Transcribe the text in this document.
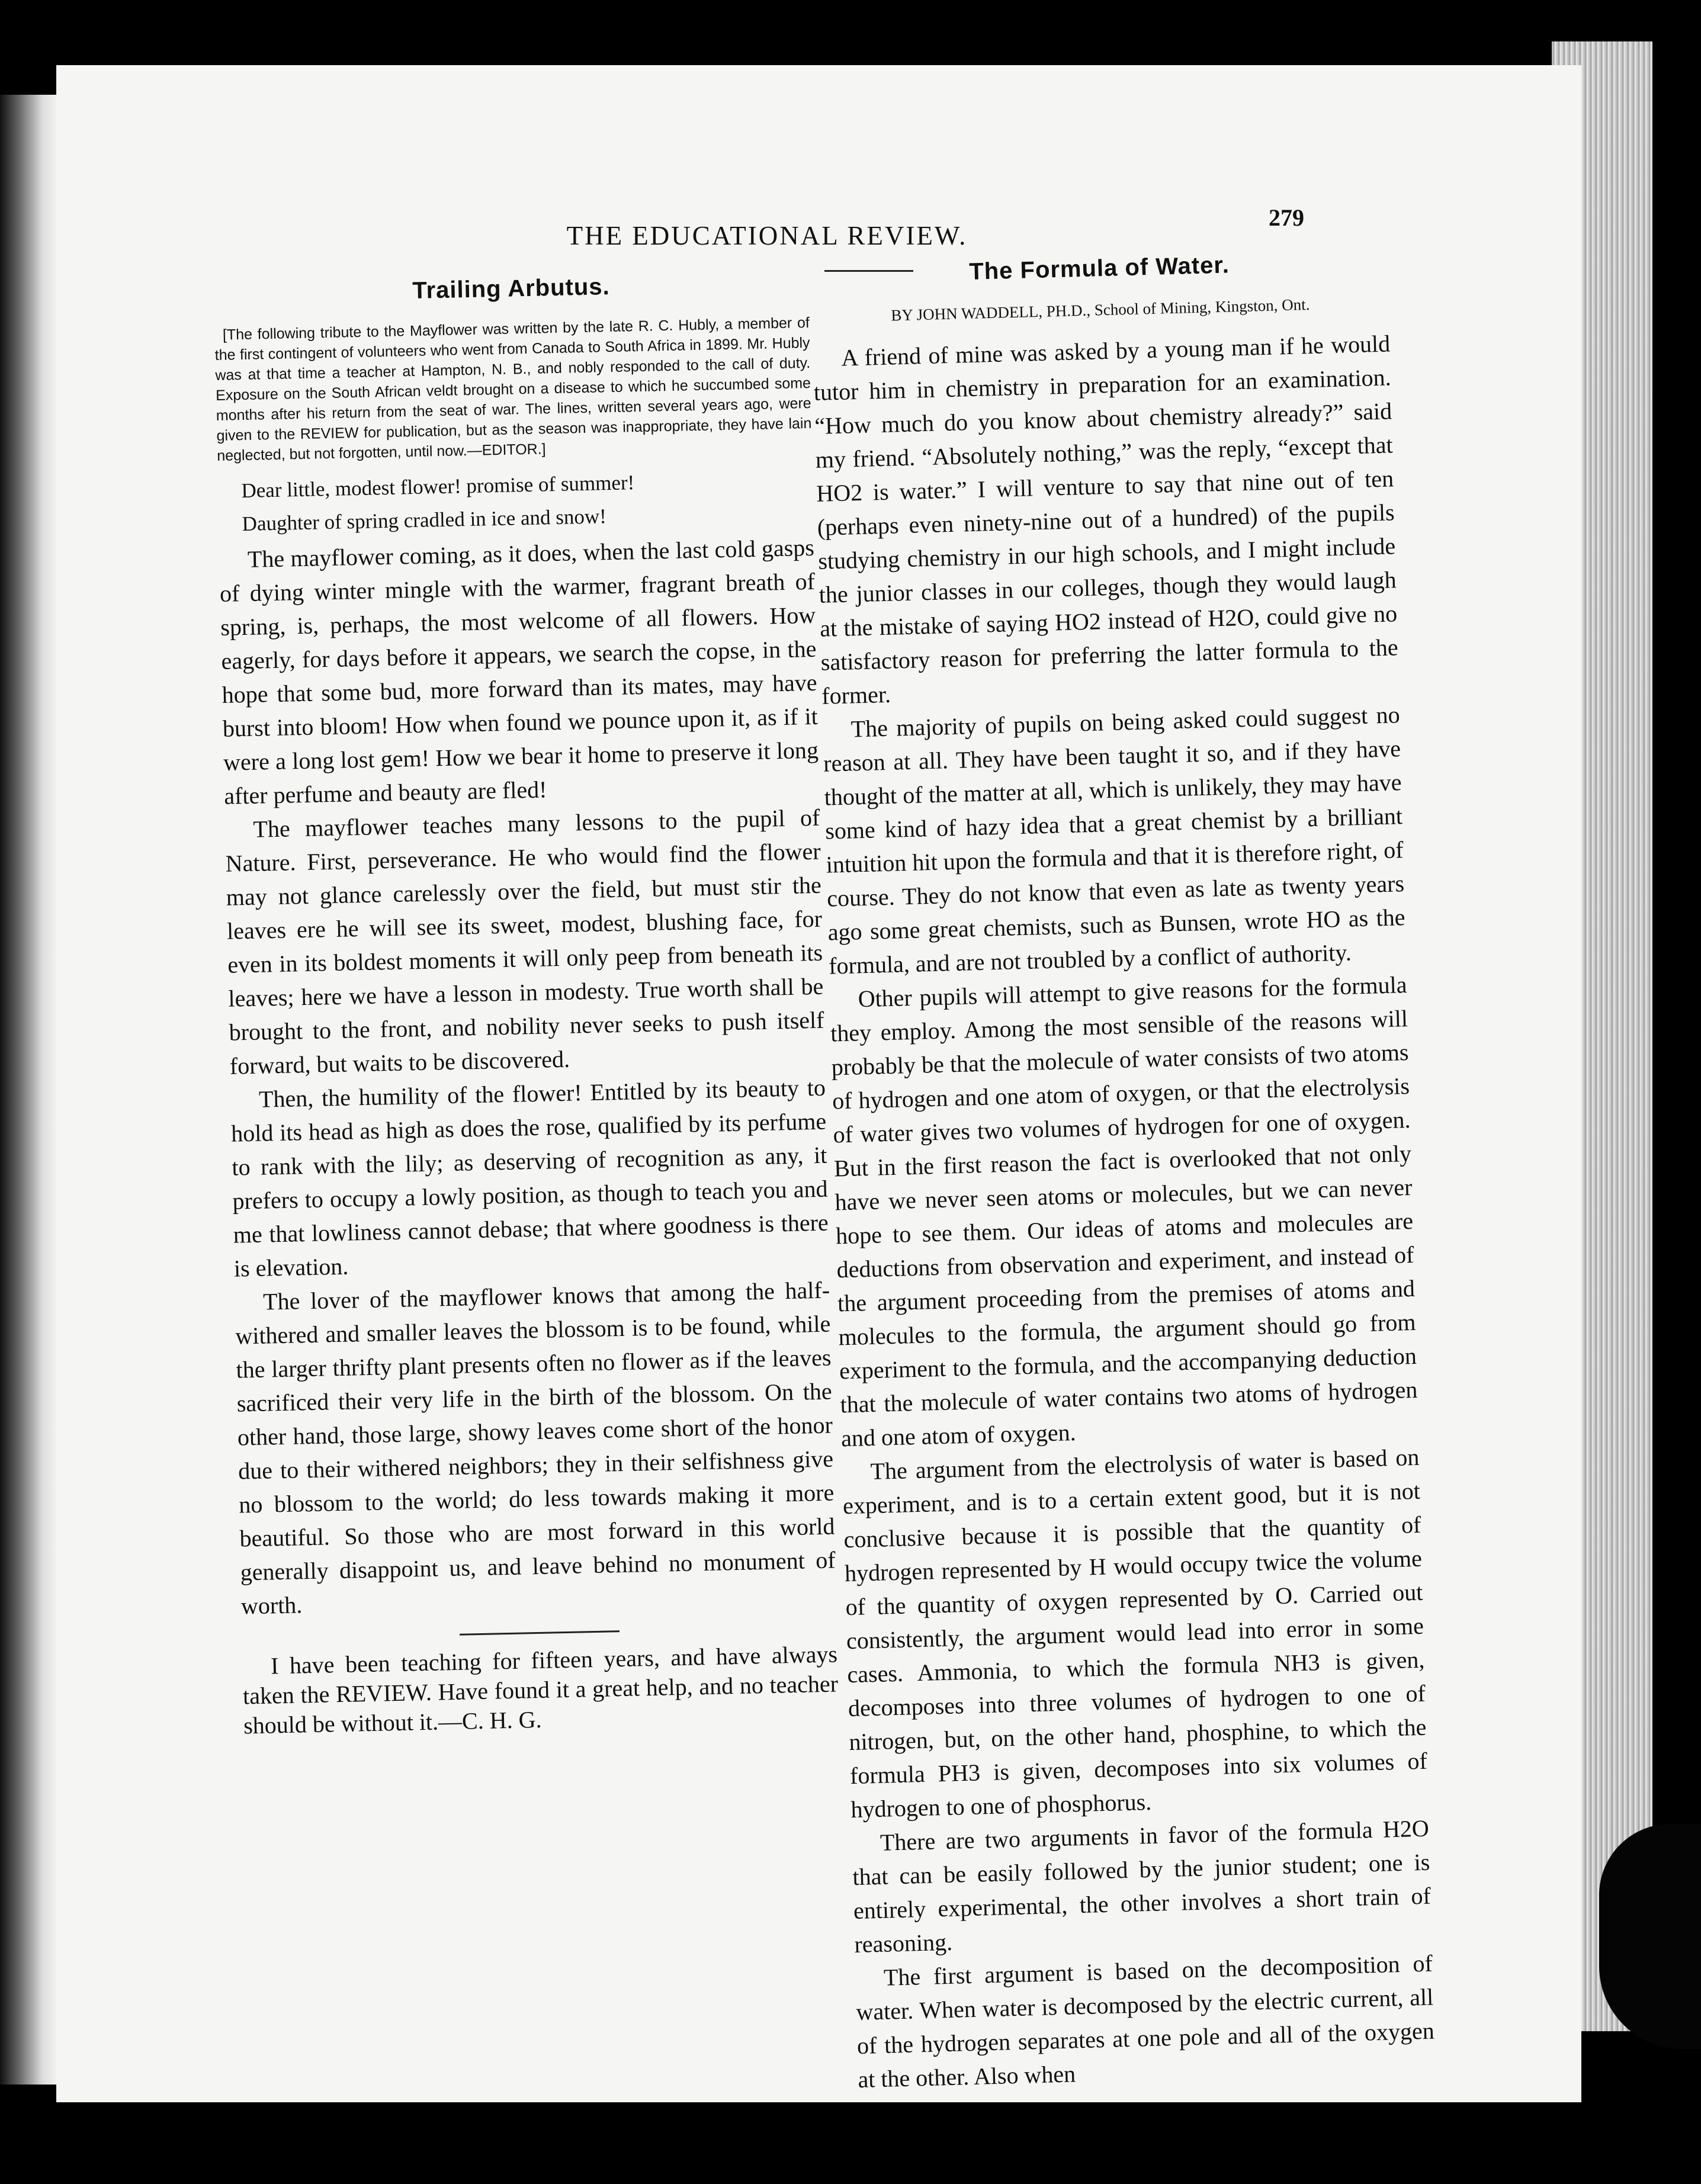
THE EDUCATIONAL REVIEW.
279
Trailing Arbutus.
[The following tribute to the Mayflower was written by the late R. C. Hubly, a member of the first contingent of volunteers who went from Canada to South Africa in 1899. Mr. Hubly was at that time a teacher at Hampton, N. B., and nobly responded to the call of duty. Exposure on the South African veldt brought on a disease to which he succumbed some months after his return from the seat of war. The lines, written several years ago, were given to the REVIEW for publication, but as the season was inappropriate, they have lain neglected, but not forgotten, until now.—EDITOR.]
Dear little, modest flower! promise of summer!
Daughter of spring cradled in ice and snow!

The mayflower coming, as it does, when the last cold gasps of dying winter mingle with the warmer, fragrant breath of spring, is, perhaps, the most welcome of all flowers. How eagerly, for days before it appears, we search the copse, in the hope that some bud, more forward than its mates, may have burst into bloom! How when found we pounce upon it, as if it were a long lost gem! How we bear it home to preserve it long after perfume and beauty are fled!

The mayflower teaches many lessons to the pupil of Nature. First, perseverance. He who would find the flower may not glance carelessly over the field, but must stir the leaves ere he will see its sweet, modest, blushing face, for even in its boldest moments it will only peep from beneath its leaves; here we have a lesson in modesty. True worth shall be brought to the front, and nobility never seeks to push itself forward, but waits to be discovered.

Then, the humility of the flower! Entitled by its beauty to hold its head as high as does the rose, qualified by its perfume to rank with the lily; as deserving of recognition as any, it prefers to occupy a lowly position, as though to teach you and me that lowliness cannot debase; that where goodness is there is elevation.

The lover of the mayflower knows that among the half-withered and smaller leaves the blossom is to be found, while the larger thrifty plant presents often no flower as if the leaves sacrificed their very life in the birth of the blossom. On the other hand, those large, showy leaves come short of the honor due to their withered neighbors; they in their selfishness give no blossom to the world; do less towards making it more beautiful. So those who are most forward in this world generally disappoint us, and leave behind no monument of worth.

I have been teaching for fifteen years, and have always taken the REVIEW. Have found it a great help, and no teacher should be without it.—C. H. G.

The Formula of Water.
BY JOHN WADDELL, PH.D., School of Mining, Kingston, Ont.

A friend of mine was asked by a young man if he would tutor him in chemistry in preparation for an examination. “How much do you know about chemistry already?” said my friend. “Absolutely nothing,” was the reply, “except that HO2 is water.” I will venture to say that nine out of ten (perhaps even ninety-nine out of a hundred) of the pupils studying chemistry in our high schools, and I might include the junior classes in our colleges, though they would laugh at the mistake of saying HO2 instead of H2O, could give no satisfactory reason for preferring the latter formula to the former.

The majority of pupils on being asked could suggest no reason at all. They have been taught it so, and if they have thought of the matter at all, which is unlikely, they may have some kind of hazy idea that a great chemist by a brilliant intuition hit upon the formula and that it is therefore right, of course. They do not know that even as late as twenty years ago some great chemists, such as Bunsen, wrote HO as the formula, and are not troubled by a conflict of authority.

Other pupils will attempt to give reasons for the formula they employ. Among the most sensible of the reasons will probably be that the molecule of water consists of two atoms of hydrogen and one atom of oxygen, or that the electrolysis of water gives two volumes of hydrogen for one of oxygen. But in the first reason the fact is overlooked that not only have we never seen atoms or molecules, but we can never hope to see them. Our ideas of atoms and molecules are deductions from observation and experiment, and instead of the argument proceeding from the premises of atoms and molecules to the formula, the argument should go from experiment to the formula, and the accompanying deduction that the molecule of water contains two atoms of hydrogen and one atom of oxygen.

The argument from the electrolysis of water is based on experiment, and is to a certain extent good, but it is not conclusive because it is possible that the quantity of hydrogen represented by H would occupy twice the volume of the quantity of oxygen represented by O. Carried out consistently, the argument would lead into error in some cases. Ammonia, to which the formula NH3 is given, decomposes into three volumes of hydrogen to one of nitrogen, but, on the other hand, phosphine, to which the formula PH3 is given, decomposes into six volumes of hydrogen to one of phosphorus.

There are two arguments in favor of the formula H2O that can be easily followed by the junior student; one is entirely experimental, the other involves a short train of reasoning.

The first argument is based on the decomposition of water. When water is decomposed by the electric current, all of the hydrogen separates at one pole and all of the oxygen at the other. Also when
